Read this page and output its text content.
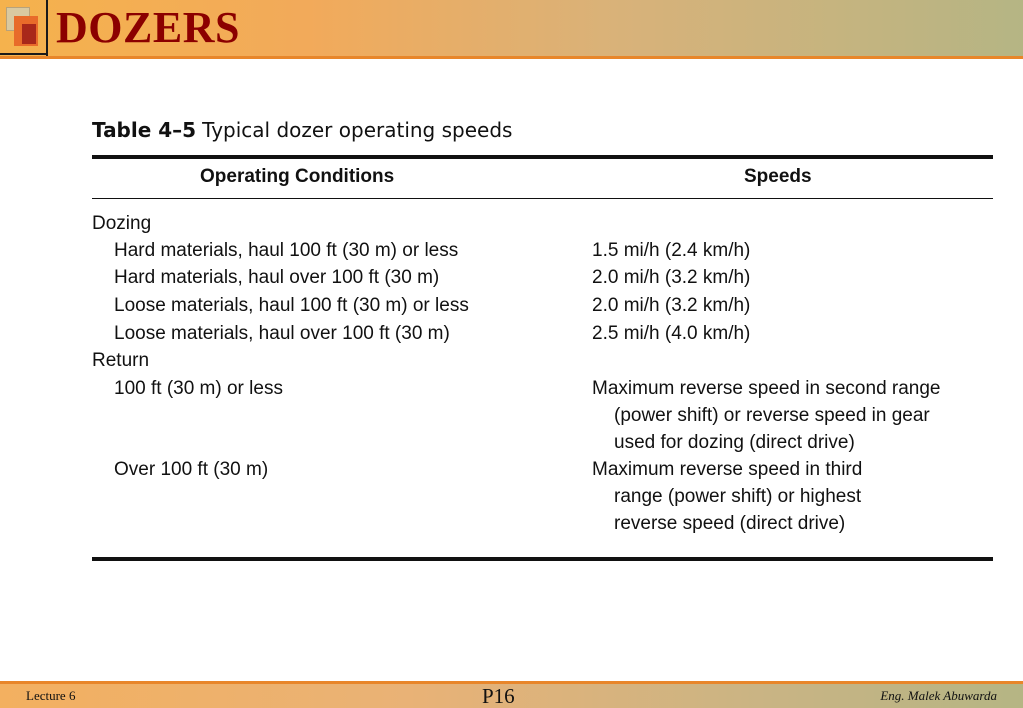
DOZERS
Table 4–5 Typical dozer operating speeds
Operating Conditions	Speeds
Dozing
Hard materials, haul 100 ft (30 m) or less	1.5 mi/h (2.4 km/h)
Hard materials, haul over 100 ft (30 m)	2.0 mi/h (3.2 km/h)
Loose materials, haul 100 ft (30 m) or less	2.0 mi/h (3.2 km/h)
Loose materials, haul over 100 ft (30 m)	2.5 mi/h (4.0 km/h)
Return
100 ft (30 m) or less	Maximum reverse speed in second range
(power shift) or reverse speed in gear
used for dozing (direct drive)
Over 100 ft (30 m)	Maximum reverse speed in third
range (power shift) or highest
reverse speed (direct drive)
Lecture 6	P16	Eng. Malek Abuwarda
